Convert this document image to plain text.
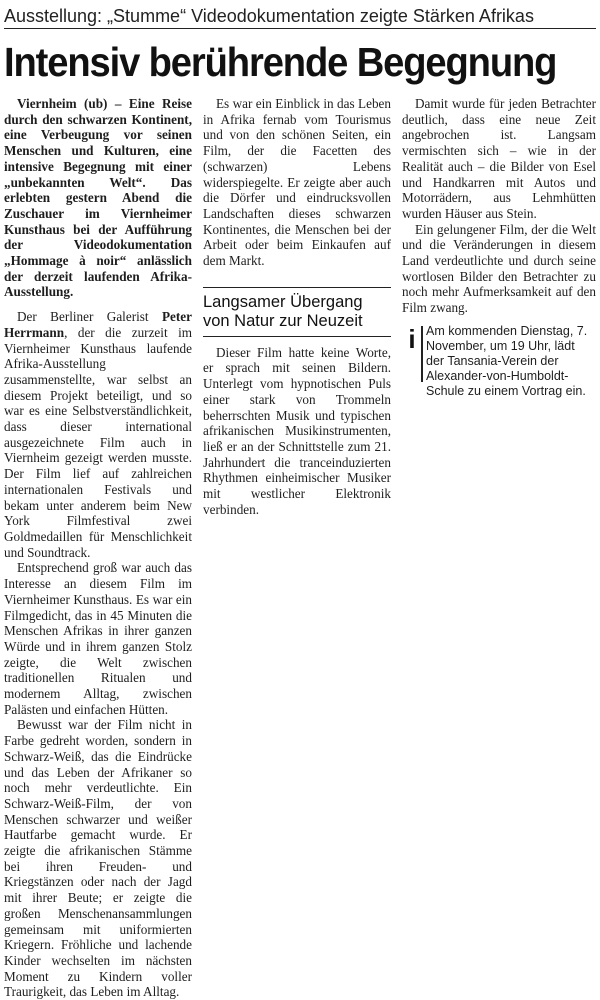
Ausstellung: „Stumme“ Videodokumentation zeigte Stärken Afrikas
Intensiv berührende Begegnung

Viernheim (ub) – Eine Reise durch den schwarzen Kontinent, eine Verbeugung vor seinen Menschen und Kulturen, eine intensive Begegnung mit einer „unbekannten Welt“. Das erlebten gestern Abend die Zuschauer im Viernheimer Kunsthaus bei der Aufführung der Videodokumentation „Hommage à noir“ anlässlich der derzeit laufenden Afrika-Ausstellung.

Der Berliner Galerist Peter Herrmann, der die zurzeit im Viernheimer Kunsthaus laufende Afrika-Ausstellung zusammenstellte, war selbst an diesem Projekt beteiligt, und so war es eine Selbstverständlichkeit, dass dieser international ausgezeichnete Film auch in Viernheim gezeigt werden musste. Der Film lief auf zahlreichen internationalen Festivals und bekam unter anderem beim New York Filmfestival zwei Goldmedaillen für Menschlichkeit und Soundtrack.

Entsprechend groß war auch das Interesse an diesem Film im Viernheimer Kunsthaus. Es war ein Filmgedicht, das in 45 Minuten die Menschen Afrikas in ihrer ganzen Würde und in ihrem ganzen Stolz zeigte, die Welt zwischen traditionellen Ritualen und modernem Alltag, zwischen Palästen und einfachen Hütten.

Bewusst war der Film nicht in Farbe gedreht worden, sondern in Schwarz-Weiß, das die Eindrücke und das Leben der Afrikaner so noch mehr verdeutlichte. Ein Schwarz-Weiß-Film, der von Menschen schwarzer und weißer Hautfarbe gemacht wurde. Er zeigte die afrikanischen Stämme bei ihren Freuden- und Kriegstänzen oder nach der Jagd mit ihrer Beute; er zeigte die großen Menschenansammlungen gemeinsam mit uniformierten Kriegern. Fröhliche und lachende Kinder wechselten im nächsten Moment zu Kindern voller Traurigkeit, das Leben im Alltag.

Es war ein Einblick in das Leben in Afrika fernab vom Tourismus und von den schönen Seiten, ein Film, der die Facetten des (schwarzen) Lebens widerspiegelte. Er zeigte aber auch die Dörfer und eindrucksvollen Landschaften dieses schwarzen Kontinentes, die Menschen bei der Arbeit oder beim Einkaufen auf dem Markt.

Langsamer Übergang von Natur zur Neuzeit

Dieser Film hatte keine Worte, er sprach mit seinen Bildern. Unterlegt vom hypnotischen Puls einer stark von Trommeln beherrschten Musik und typischen afrikanischen Musikinstrumenten, ließ er an der Schnittstelle zum 21. Jahrhundert die tranceinduzierten Rhythmen einheimischer Musiker mit westlicher Elektronik verbinden.

Damit wurde für jeden Betrachter deutlich, dass eine neue Zeit angebrochen ist. Langsam vermischten sich – wie in der Realität auch – die Bilder von Esel und Handkarren mit Autos und Motorrädern, aus Lehmhütten wurden Häuser aus Stein.

Ein gelungener Film, der die Welt und die Veränderungen in diesem Land verdeutlichte und durch seine wortlosen Bilder den Betrachter zu noch mehr Aufmerksamkeit auf den Film zwang.

i Am kommenden Dienstag, 7. November, um 19 Uhr, lädt der Tansania-Verein der Alexander-von-Humboldt-Schule zu einem Vortrag ein.
